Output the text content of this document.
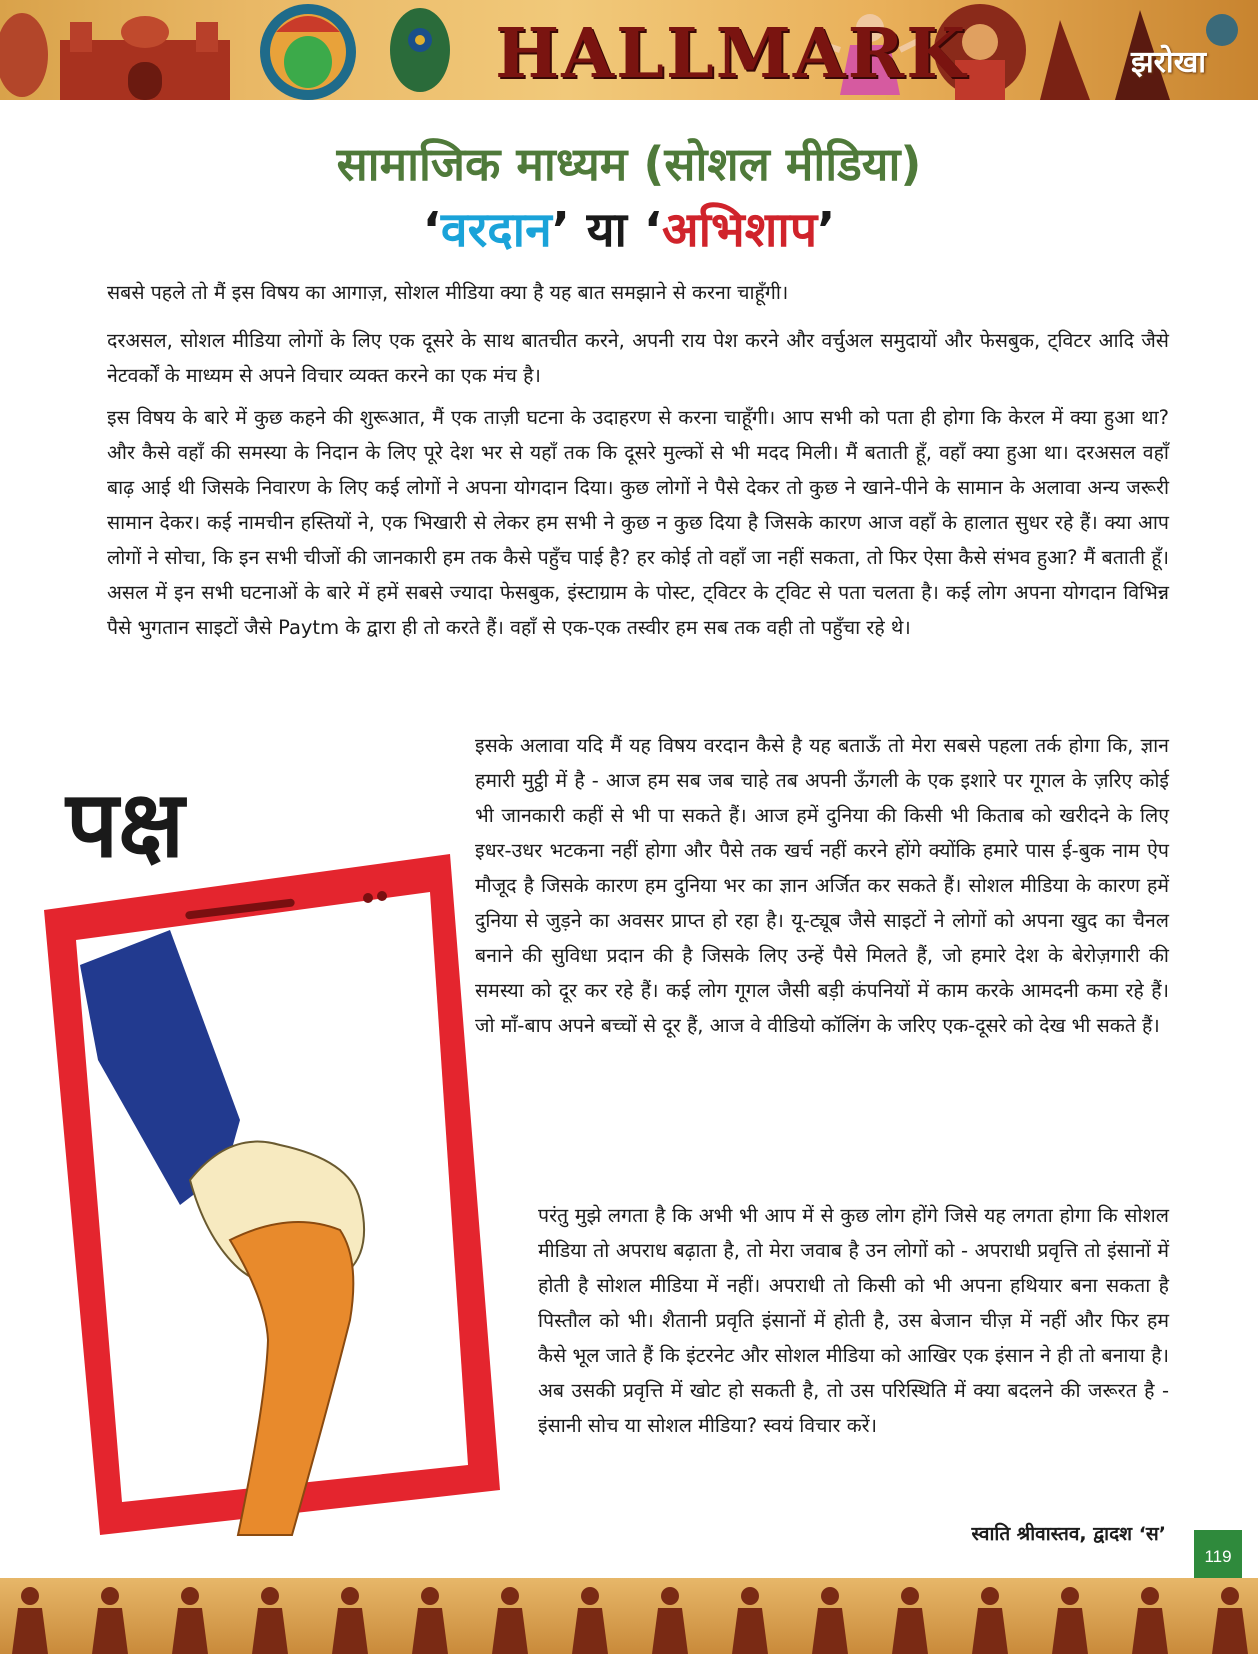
HALLMARK	झरोखा
सामाजिक माध्यम (सोशल मीडिया)
‘वरदान’ या ‘अभिशाप’

सबसे पहले तो मैं इस विषय का आगाज़, सोशल मीडिया क्या है यह बात समझाने से करना चाहूँगी।

दरअसल, सोशल मीडिया लोगों के लिए एक दूसरे के साथ बातचीत करने, अपनी राय पेश करने और वर्चुअल समुदायों और फेसबुक, ट्विटर आदि जैसे नेटवर्कों के माध्यम से अपने विचार व्यक्त करने का एक मंच है।

इस विषय के बारे में कुछ कहने की शुरूआत, मैं एक ताज़ी घटना के उदाहरण से करना चाहूँगी। आप सभी को पता ही होगा कि केरल में क्या हुआ था? और कैसे वहाँ की समस्या के निदान के लिए पूरे देश भर से यहाँ तक कि दूसरे मुल्कों से भी मदद मिली। मैं बताती हूँ, वहाँ क्या हुआ था। दरअसल वहाँ बाढ़ आई थी जिसके निवारण के लिए कई लोगों ने अपना योगदान दिया। कुछ लोगों ने पैसे देकर तो कुछ ने खाने-पीने के सामान के अलावा अन्य जरूरी सामान देकर। कई नामचीन हस्तियों ने, एक भिखारी से लेकर हम सभी ने कुछ न कुछ दिया है जिसके कारण आज वहाँ के हालात सुधर रहे हैं। क्या आप लोगों ने सोचा, कि इन सभी चीजों की जानकारी हम तक कैसे पहुँच पाई है? हर कोई तो वहाँ जा नहीं सकता, तो फिर ऐसा कैसे संभव हुआ? मैं बताती हूँ। असल में इन सभी घटनाओं के बारे में हमें सबसे ज्यादा फेसबुक, इंस्टाग्राम के पोस्ट, ट्विटर के ट्विट से पता चलता है। कई लोग अपना योगदान विभिन्न पैसे भुगतान साइटों जैसे Paytm के द्वारा ही तो करते हैं। वहाँ से एक-एक तस्वीर हम सब तक वही तो पहुँचा रहे थे।

पक्ष

इसके अलावा यदि मैं यह विषय वरदान कैसे है यह बताऊँ तो मेरा सबसे पहला तर्क होगा कि, ज्ञान हमारी मुट्ठी में है - आज हम सब जब चाहे तब अपनी ऊँगली के एक इशारे पर गूगल के ज़रिए कोई भी जानकारी कहीं से भी पा सकते हैं। आज हमें दुनिया की किसी भी किताब को खरीदने के लिए इधर-उधर भटकना नहीं होगा और पैसे तक खर्च नहीं करने होंगे क्योंकि हमारे पास ई-बुक नाम ऐप मौजूद है जिसके कारण हम दुनिया भर का ज्ञान अर्जित कर सकते हैं। सोशल मीडिया के कारण हमें दुनिया से जुड़ने का अवसर प्राप्त हो रहा है। यू-ट्यूब जैसे साइटों ने लोगों को अपना खुद का चैनल बनाने की सुविधा प्रदान की है जिसके लिए उन्हें पैसे मिलते हैं, जो हमारे देश के बेरोज़गारी की समस्या को दूर कर रहे हैं। कई लोग गूगल जैसी बड़ी कंपनियों में काम करके आमदनी कमा रहे हैं। जो माँ-बाप अपने बच्चों से दूर हैं, आज वे वीडियो कॉलिंग के जरिए एक-दूसरे को देख भी सकते हैं।

परंतु मुझे लगता है कि अभी भी आप में से कुछ लोग होंगे जिसे यह लगता होगा कि सोशल मीडिया तो अपराध बढ़ाता है, तो मेरा जवाब है उन लोगों को - अपराधी प्रवृत्ति तो इंसानों में होती है सोशल मीडिया में नहीं। अपराधी तो किसी को भी अपना हथियार बना सकता है पिस्तौल को भी। शैतानी प्रवृति इंसानों में होती है, उस बेजान चीज़ में नहीं और फिर हम कैसे भूल जाते हैं कि इंटरनेट और सोशल मीडिया को आखिर एक इंसान ने ही तो बनाया है। अब उसकी प्रवृत्ति में खोट हो सकती है, तो उस परिस्थिति में क्या बदलने की जरूरत है - इंसानी सोच या सोशल मीडिया? स्वयं विचार करें।

स्वाति श्रीवास्तव, द्वादश ‘स’
119
